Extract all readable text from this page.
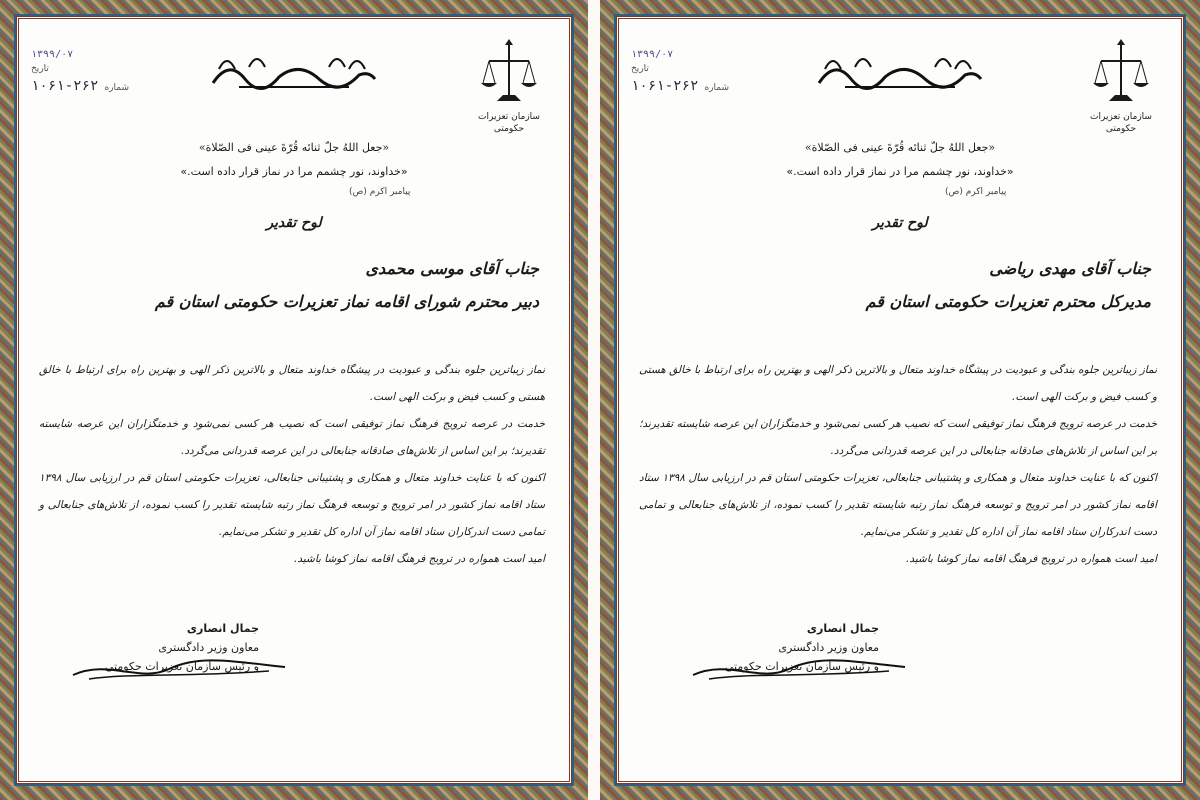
سازمان تعزیرات حکومتی
۱۳۹۹/۰۷
تاریخ
۱۰۶۱-۲۶۲ شماره
«جعل اللهُ جلّ ثنائه قُرّةَ عینی فی الصّلاة»
«خداوند، نور چشمم مرا در نماز قرار داده است.»
پیامبر اکرم (ص)
لوح تقدیر
جناب آقای موسی محمدی
دبیر محترم شورای اقامه نماز تعزیرات حکومتی استان قم

نماز زیباترین جلوه بندگی و عبودیت در پیشگاه خداوند متعال و بالاترین ذکر الهی و بهترین راه برای ارتباط با خالق هستی و کسب فیض و برکت الهی است.

خدمت در عرصه ترویج فرهنگ نماز توفیقی است که نصیب هر کسی نمی‌شود و خدمتگزاران این عرصه شایسته تقدیرند؛ بر این اساس از تلاش‌های صادقانه جنابعالی در این عرصه قدردانی می‌گردد.

اکنون که با عنایت خداوند متعال و همکاری و پشتیبانی جنابعالی، تعزیرات حکومتی استان قم در ارزیابی سال ۱۳۹۸ ستاد اقامه نماز کشور در امر ترویج و توسعه فرهنگ نماز رتبه شایسته تقدیر را کسب نموده، از تلاش‌های جنابعالی و تمامی دست اندرکاران ستاد اقامه نماز آن اداره کل تقدیر و تشکر می‌نمایم.

امید است همواره در ترویج فرهنگ اقامه نماز کوشا باشید.

جمال انصاری
معاون وزیر دادگستری
و رئیس سازمان تعزیرات حکومتی
سازمان تعزیرات حکومتی
۱۳۹۹/۰۷
تاریخ
۱۰۶۱-۲۶۲ شماره
«جعل اللهُ جلّ ثنائه قُرّةَ عینی فی الصّلاة»
«خداوند، نور چشمم مرا در نماز قرار داده است.»
پیامبر اکرم (ص)
لوح تقدیر
جناب آقای مهدی ریاضی
مدیرکل محترم تعزیرات حکومتی استان قم

نماز زیباترین جلوه بندگی و عبودیت در پیشگاه خداوند متعال و بالاترین ذکر الهی و بهترین راه برای ارتباط با خالق هستی و کسب فیض و برکت الهی است.

خدمت در عرصه ترویج فرهنگ نماز توفیقی است که نصیب هر کسی نمی‌شود و خدمتگزاران این عرصه شایسته تقدیرند؛ بر این اساس از تلاش‌های صادقانه جنابعالی در این عرصه قدردانی می‌گردد.

اکنون که با عنایت خداوند متعال و همکاری و پشتیبانی جنابعالی، تعزیرات حکومتی استان قم در ارزیابی سال ۱۳۹۸ ستاد اقامه نماز کشور در امر ترویج و توسعه فرهنگ نماز رتبه شایسته تقدیر را کسب نموده، از تلاش‌های جنابعالی و تمامی دست اندرکاران ستاد اقامه نماز آن اداره کل تقدیر و تشکر می‌نمایم.

امید است همواره در ترویج فرهنگ اقامه نماز کوشا باشید.

جمال انصاری
معاون وزیر دادگستری
و رئیس سازمان تعزیرات حکومتی
